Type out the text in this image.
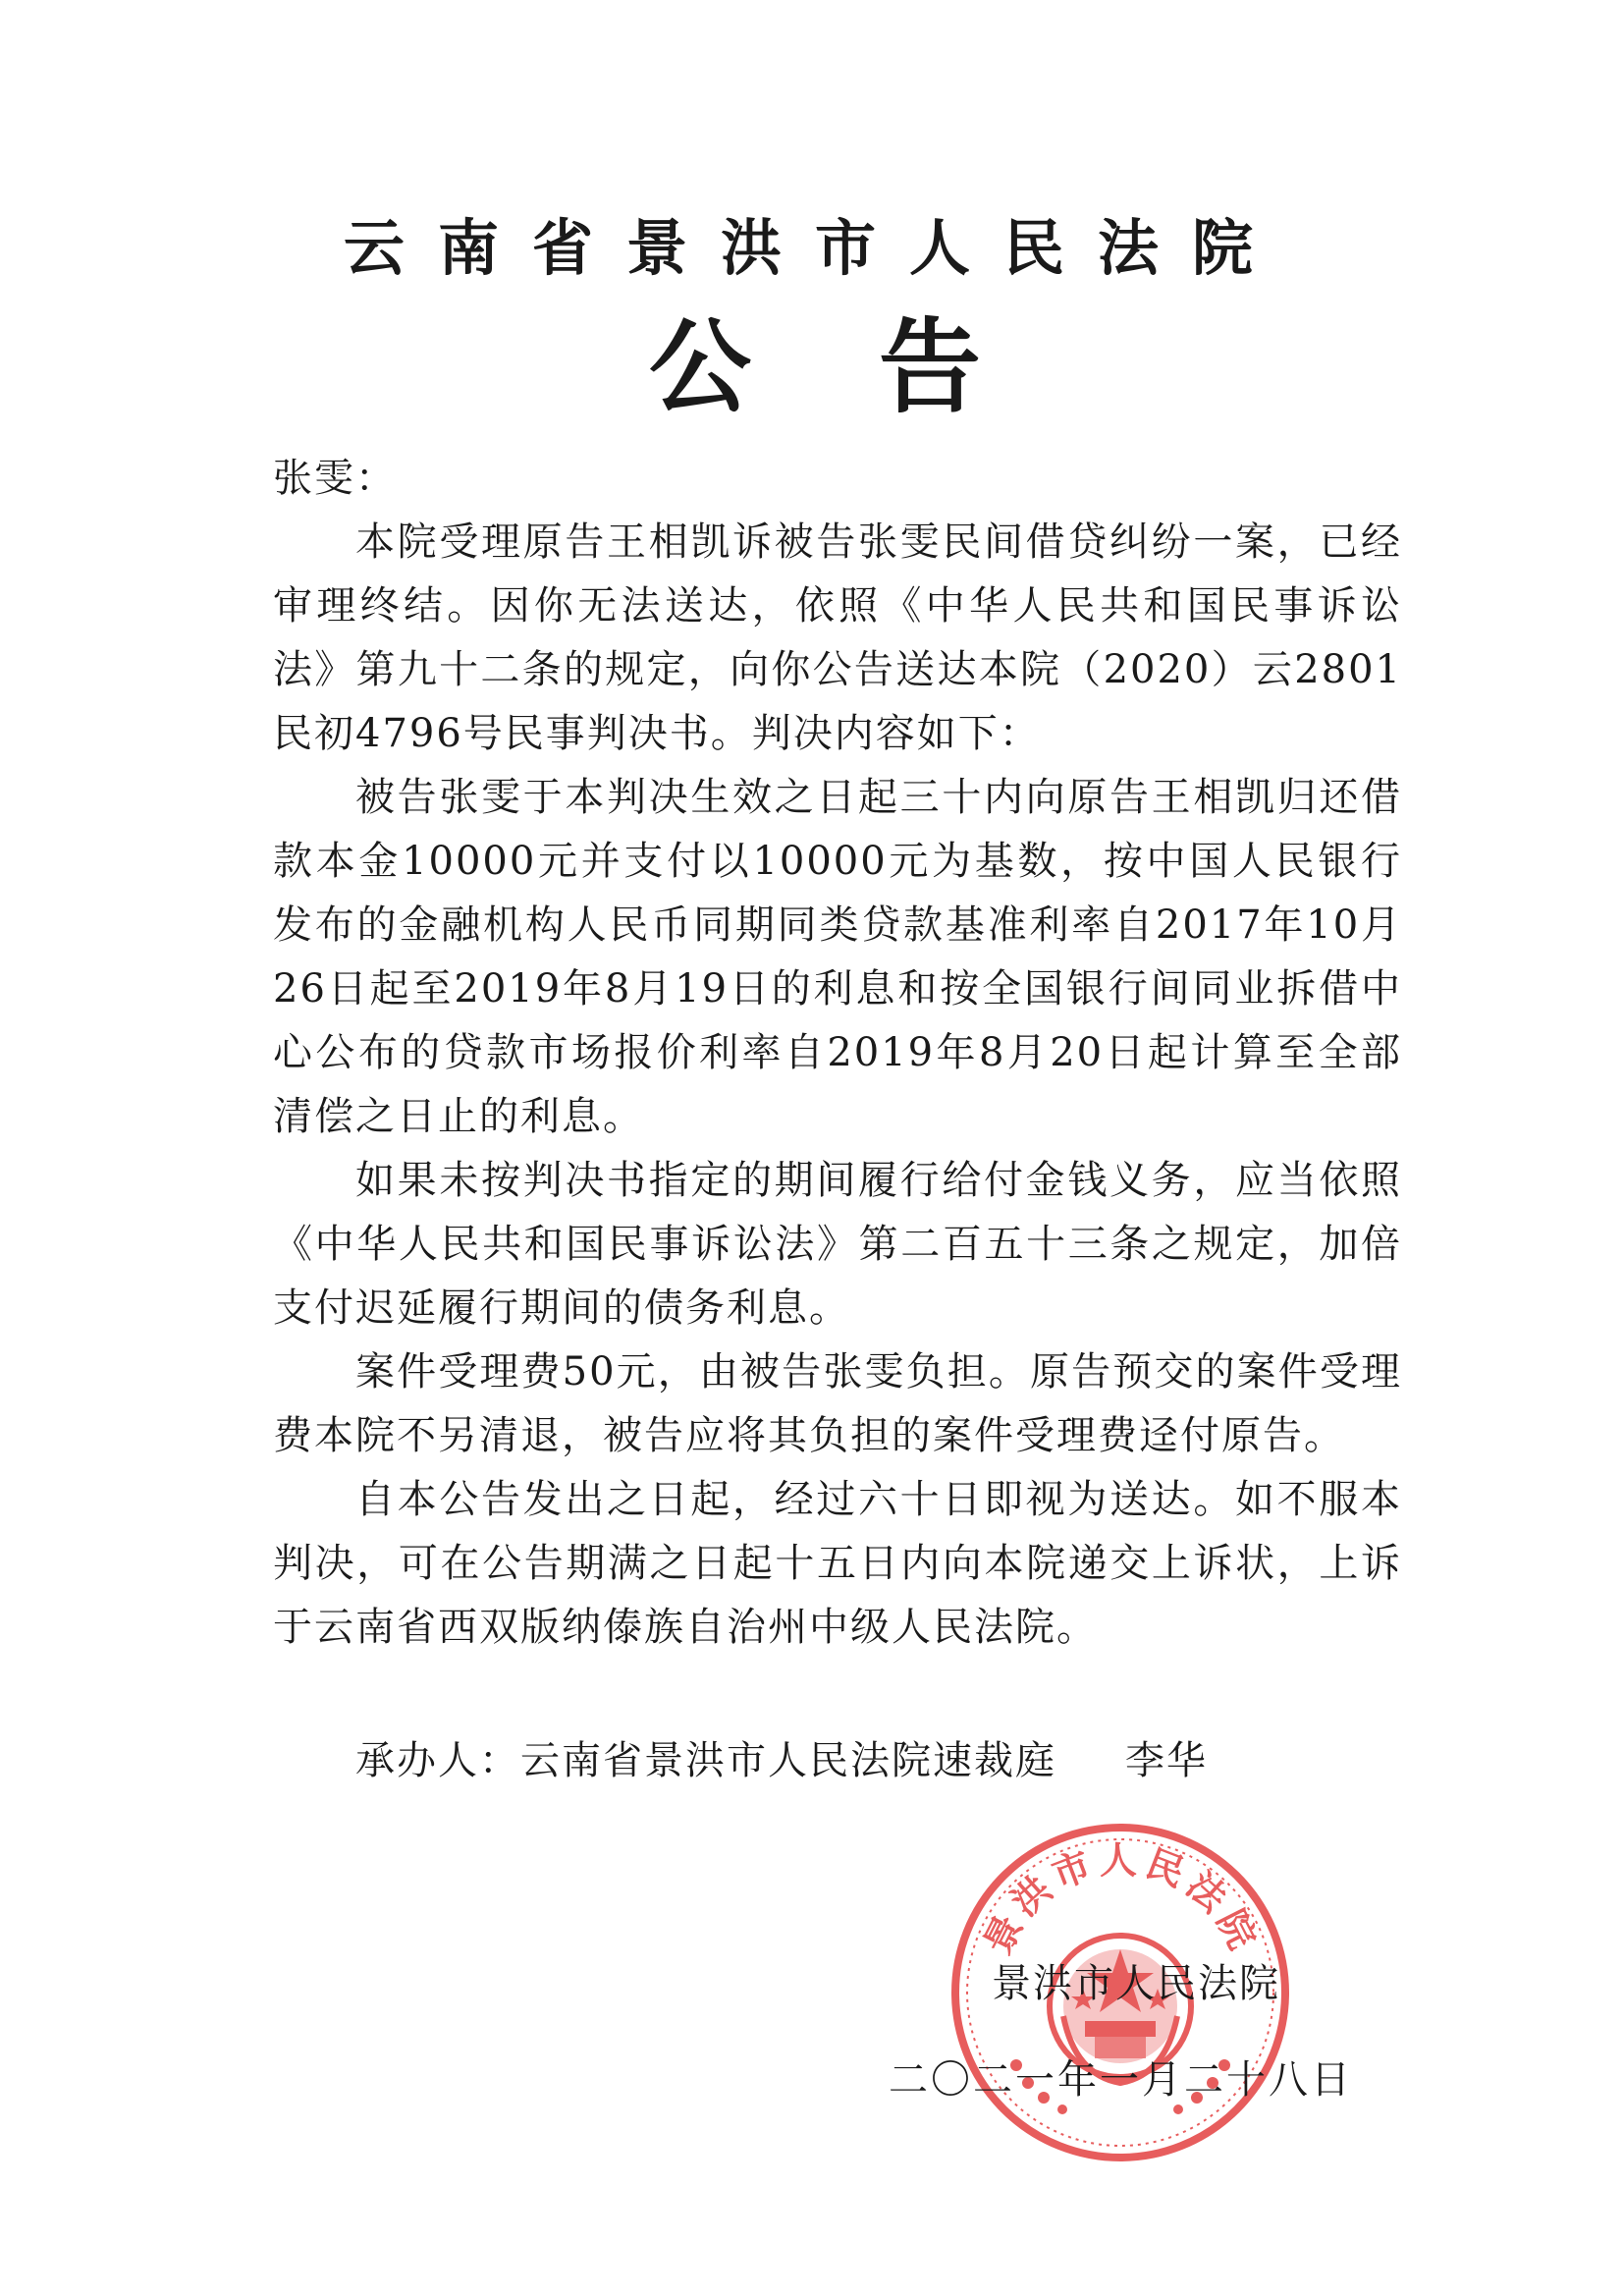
云南省景洪市人民法院
公告

张雯：

本院受理原告王相凯诉被告张雯民间借贷纠纷一案，已经审理终结。因你无法送达，依照《中华人民共和国民事诉讼法》第九十二条的规定，向你公告送达本院（2020）云2801民初4796号民事判决书。判决内容如下：

被告张雯于本判决生效之日起三十内向原告王相凯归还借款本金10000元并支付以10000元为基数，按中国人民银行发布的金融机构人民币同期同类贷款基准利率自2017年10月26日起至2019年8月19日的利息和按全国银行间同业拆借中心公布的贷款市场报价利率自2019年8月20日起计算至全部清偿之日止的利息。

如果未按判决书指定的期间履行给付金钱义务，应当依照《中华人民共和国民事诉讼法》第二百五十三条之规定，加倍支付迟延履行期间的债务利息。

案件受理费50元，由被告张雯负担。原告预交的案件受理费本院不另清退，被告应将其负担的案件受理费迳付原告。

自本公告发出之日起，经过六十日即视为送达。如不服本判决，可在公告期满之日起十五日内向本院递交上诉状，上诉于云南省西双版纳傣族自治州中级人民法院。

承办人：云南省景洪市人民法院速裁庭 李华
景洪市人民法院
景洪市人民法院
二〇二一年一月二十八日
